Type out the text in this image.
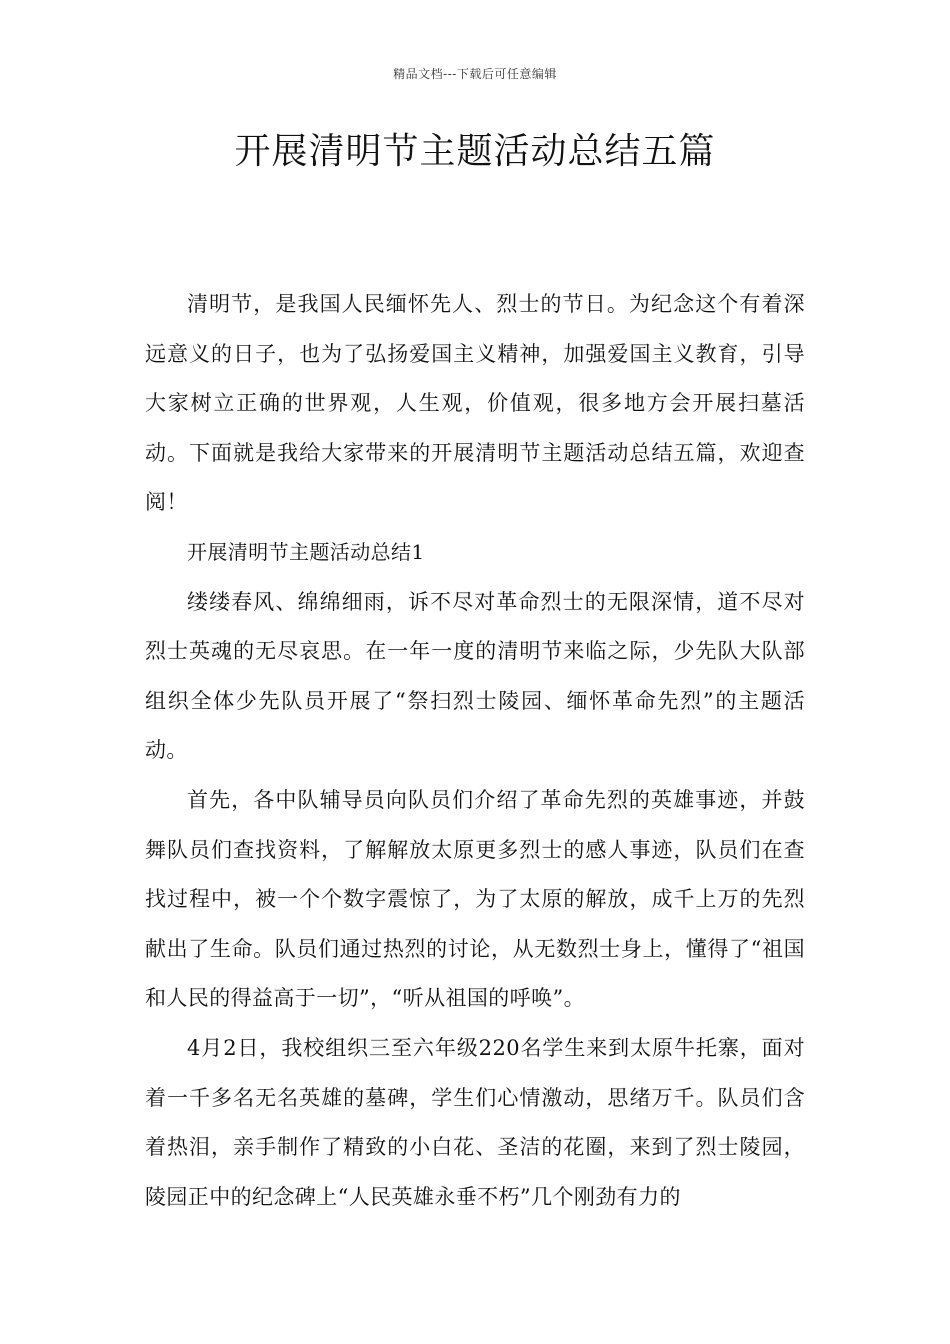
精品文档---下载后可任意编辑
开展清明节主题活动总结五篇

清明节，是我国人民缅怀先人、烈士的节日。为纪念这个有着深远意义的日子，也为了弘扬爱国主义精神，加强爱国主义教育，引导大家树立正确的世界观，人生观，价值观，很多地方会开展扫墓活动。下面就是我给大家带来的开展清明节主题活动总结五篇，欢迎查阅！

开展清明节主题活动总结1

缕缕春风、绵绵细雨，诉不尽对革命烈士的无限深情，道不尽对烈士英魂的无尽哀思。在一年一度的清明节来临之际，少先队大队部组织全体少先队员开展了“祭扫烈士陵园、缅怀革命先烈”的主题活动。

首先，各中队辅导员向队员们介绍了革命先烈的英雄事迹，并鼓舞队员们查找资料，了解解放太原更多烈士的感人事迹，队员们在查找过程中，被一个个数字震惊了，为了太原的解放，成千上万的先烈献出了生命。队员们通过热烈的讨论，从无数烈士身上，懂得了“祖国和人民的得益高于一切”，“听从祖国的呼唤”。

4月2日，我校组织三至六年级220名学生来到太原牛托寨，面对着一千多名无名英雄的墓碑，学生们心情激动，思绪万千。队员们含着热泪，亲手制作了精致的小白花、圣洁的花圈，来到了烈士陵园，陵园正中的纪念碑上“人民英雄永垂不朽”几个刚劲有力的
